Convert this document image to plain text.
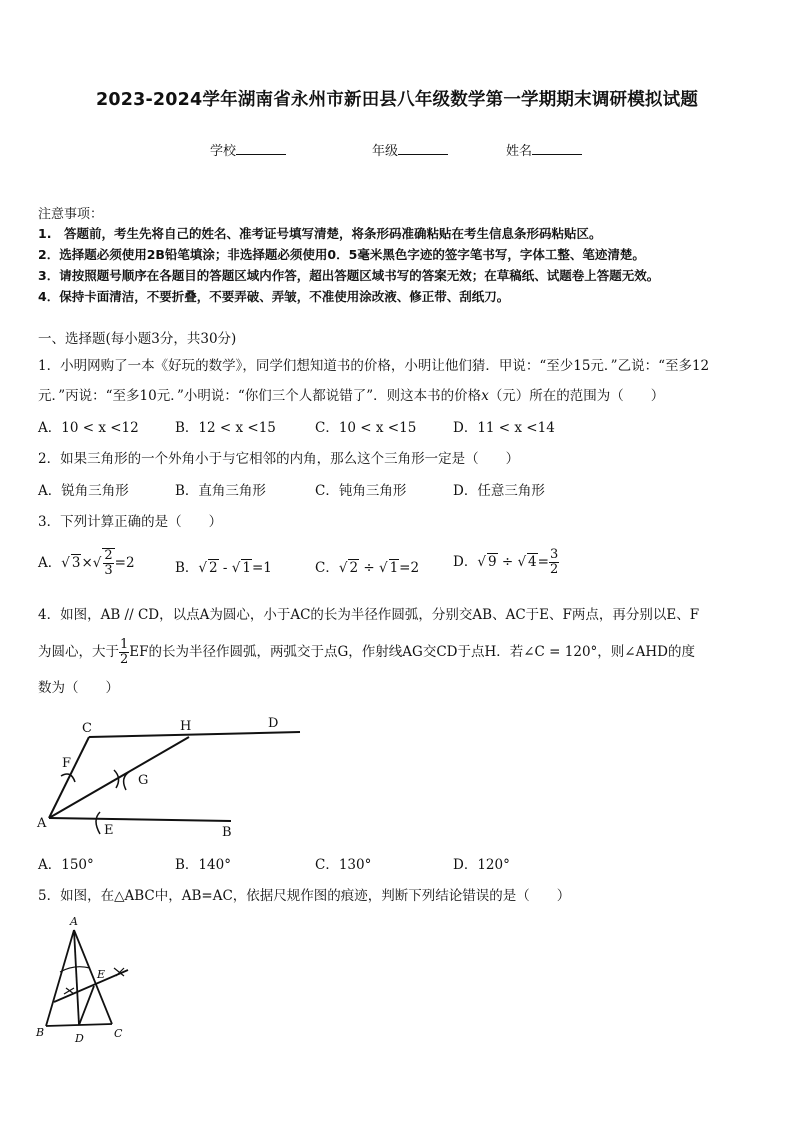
2023-2024学年湖南省永州市新田县八年级数学第一学期期末调研模拟试题
学校	年级	姓名
注意事项：
1.　答题前，考生先将自己的姓名、准考证号填写清楚，将条形码准确粘贴在考生信息条形码粘贴区。
2．选择题必须使用2B铅笔填涂；非选择题必须使用0．5毫米黑色字迹的签字笔书写，字体工整、笔迹清楚。
3．请按照题号顺序在各题目的答题区域内作答，超出答题区域书写的答案无效；在草稿纸、试题卷上答题无效。
4．保持卡面清洁，不要折叠，不要弄破、弄皱，不准使用涂改液、修正带、刮纸刀。
一、选择题(每小题3分，共30分)
1．小明网购了一本《好玩的数学》，同学们想知道书的价格，小明让他们猜．甲说：“至少15元．”乙说：“至多12
元．”丙说：“至多10元．”小明说：“你们三个人都说错了”．则这本书的价格x（元）所在的范围为（　　）
A．10 < x <12	B．12 < x <15	C．10 < x <15	D．11 < x <14
2．如果三角形的一个外角小于与它相邻的内角，那么这个三角形一定是（　　）
A．锐角三角形	B．直角三角形	C．钝角三角形	D．任意三角形
3．下列计算正确的是（　　）
A．√ $3\times√ \frac{2}{3} =2$	B．√ 2 - √ 1=1	C．√ 2 ÷ √ 1=2	D．√ 9 ÷ √ $4= \frac{3}{2}$
4．如图，AB // CD，以点A为圆心，小于AC的长为半径作圆弧，分别交AB、AC于E、F两点，再分别以E、F
为圆心，大于 $\frac{1}{2}$ EF的长为半径作圆弧，两弧交于点G，作射线AG交CD于点H．若∠C = 120°，则∠AHD的度
数为（　　）
C	H	D
F
G
A	E	B
A．150°	B．140°	C．130°	D．120°
5．如图，在△ABC中，AB=AC，依据尺规作图的痕迹，判断下列结论错误的是（　　）
A
E
B	D	C
